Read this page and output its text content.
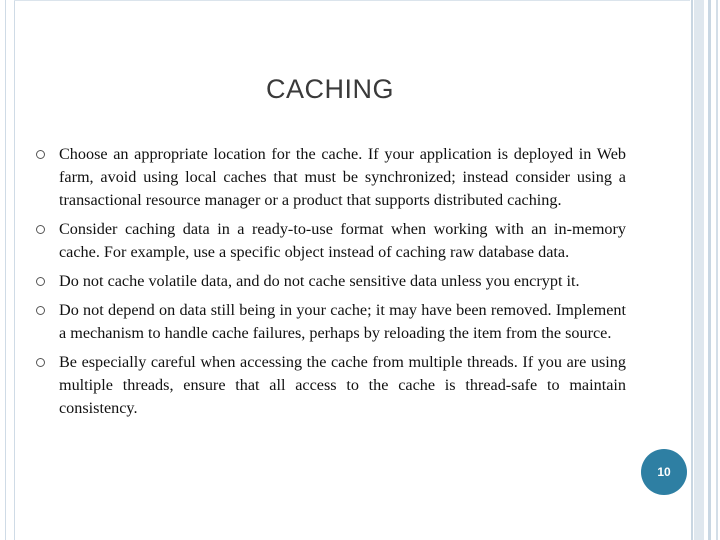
CACHING
Choose an appropriate location for the cache. If your application is deployed in Web farm, avoid using local caches that must be synchronized; instead consider using a transactional resource manager or a product that supports distributed caching.
Consider caching data in a ready-to-use format when working with an in-memory cache. For example, use a specific object instead of caching raw database data.
Do not cache volatile data, and do not cache sensitive data unless you encrypt it.
Do not depend on data still being in your cache; it may have been removed. Implement a mechanism to handle cache failures, perhaps by reloading the item from the source.
Be especially careful when accessing the cache from multiple threads. If you are using multiple threads, ensure that all access to the cache is thread-safe to maintain consistency.
10
